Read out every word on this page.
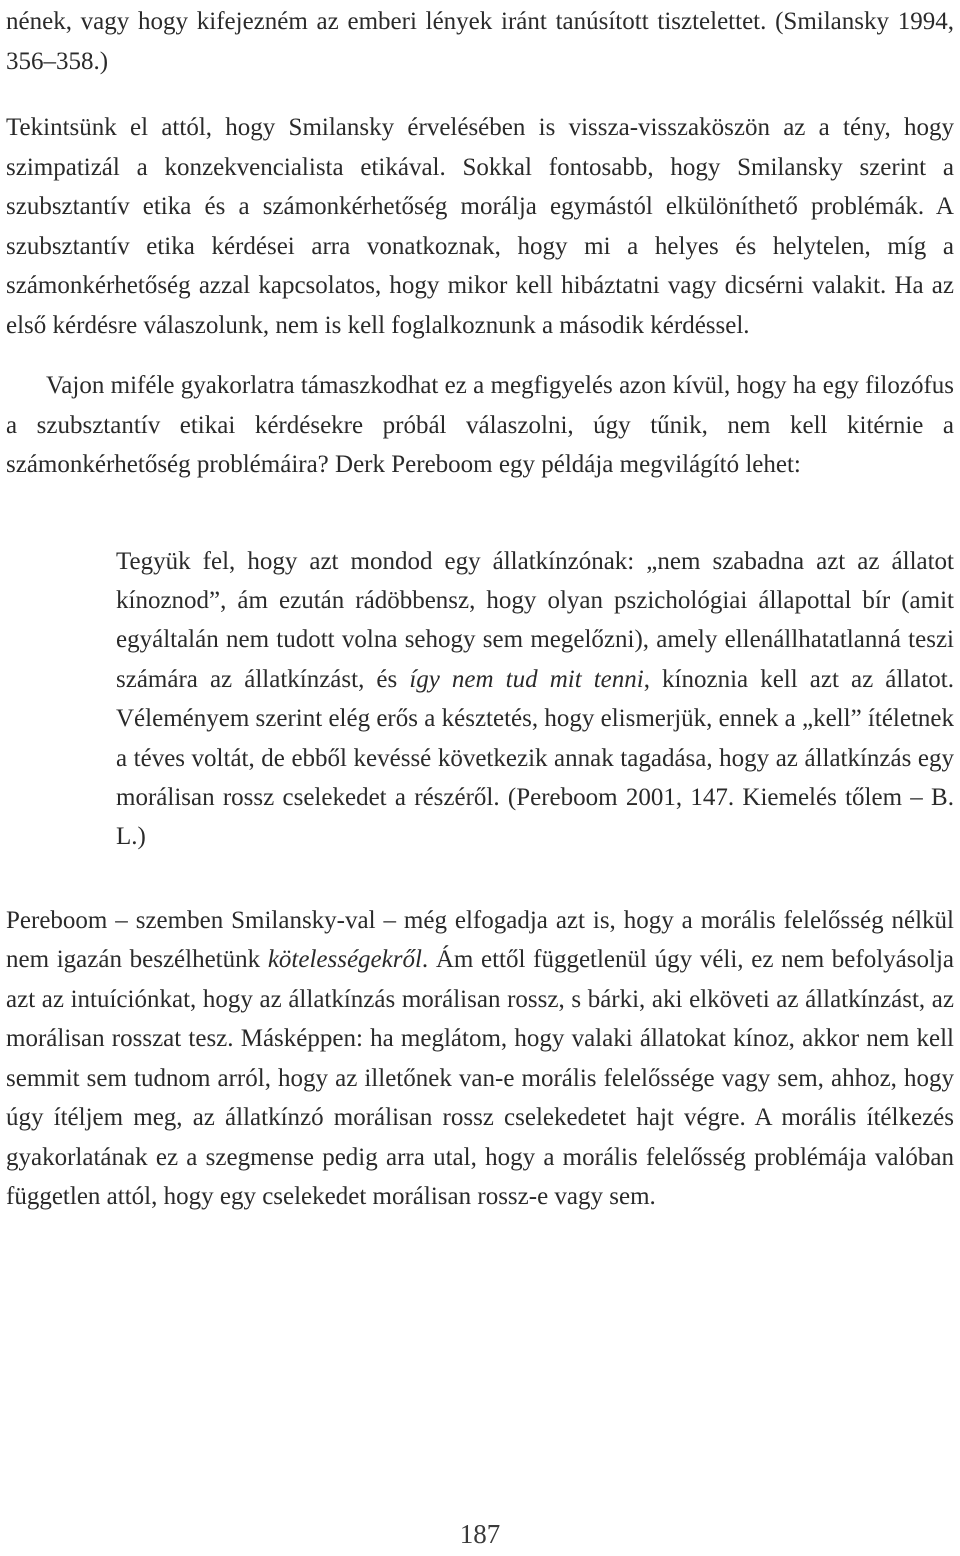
nének, vagy hogy kifejezném az emberi lények iránt tanúsított tisztelettet. (Smilansky 1994, 356–358.)

Tekintsünk el attól, hogy Smilansky érvelésében is vissza-visszaköszön az a tény, hogy szimpatizál a konzekvencialista etikával. Sokkal fontosabb, hogy Smilansky szerint a szubsztantív etika és a számonkérhetőség morálja egymástól elkülöníthető problémák. A szubsztantív etika kérdései arra vonatkoznak, hogy mi a helyes és helytelen, míg a számonkérhetőség azzal kapcsolatos, hogy mikor kell hibáztatni vagy dicsérni valakit. Ha az első kérdésre válaszolunk, nem is kell foglalkoznunk a második kérdéssel.

Vajon miféle gyakorlatra támaszkodhat ez a megfigyelés azon kívül, hogy ha egy filozófus a szubsztantív etikai kérdésekre próbál válaszolni, úgy tűnik, nem kell kitérnie a számonkérhetőség problémáira? Derk Pereboom egy példája megvilágító lehet:

Tegyük fel, hogy azt mondod egy állatkínzónak: „nem szabadna azt az állatot kínoznod”, ám ezután rádöbbensz, hogy olyan pszichológiai állapottal bír (amit egyáltalán nem tudott volna sehogy sem megelőzni), amely ellenállhatatlanná teszi számára az állatkínzást, és így nem tud mit tenni, kínoznia kell azt az állatot. Véleményem szerint elég erős a késztetés, hogy elismerjük, ennek a „kell” ítéletnek a téves voltát, de ebből kevéssé következik annak tagadása, hogy az állatkínzás egy morálisan rossz cselekedet a részéről. (Pereboom 2001, 147. Kiemelés tőlem – B. L.)

Pereboom – szemben Smilansky-val – még elfogadja azt is, hogy a morális felelősség nélkül nem igazán beszélhetünk kötelességekről. Ám ettől függetlenül úgy véli, ez nem befolyásolja azt az intuíciónkat, hogy az állatkínzás morálisan rossz, s bárki, aki elköveti az állatkínzást, az morálisan rosszat tesz. Másképpen: ha meglátom, hogy valaki állatokat kínoz, akkor nem kell semmit sem tudnom arról, hogy az illetőnek van-e morális felelőssége vagy sem, ahhoz, hogy úgy ítéljem meg, az állatkínzó morálisan rossz cselekedetet hajt végre. A morális ítélkezés gyakorlatának ez a szegmense pedig arra utal, hogy a morális felelősség problémája valóban független attól, hogy egy cselekedet morálisan rossz-e vagy sem.

187
